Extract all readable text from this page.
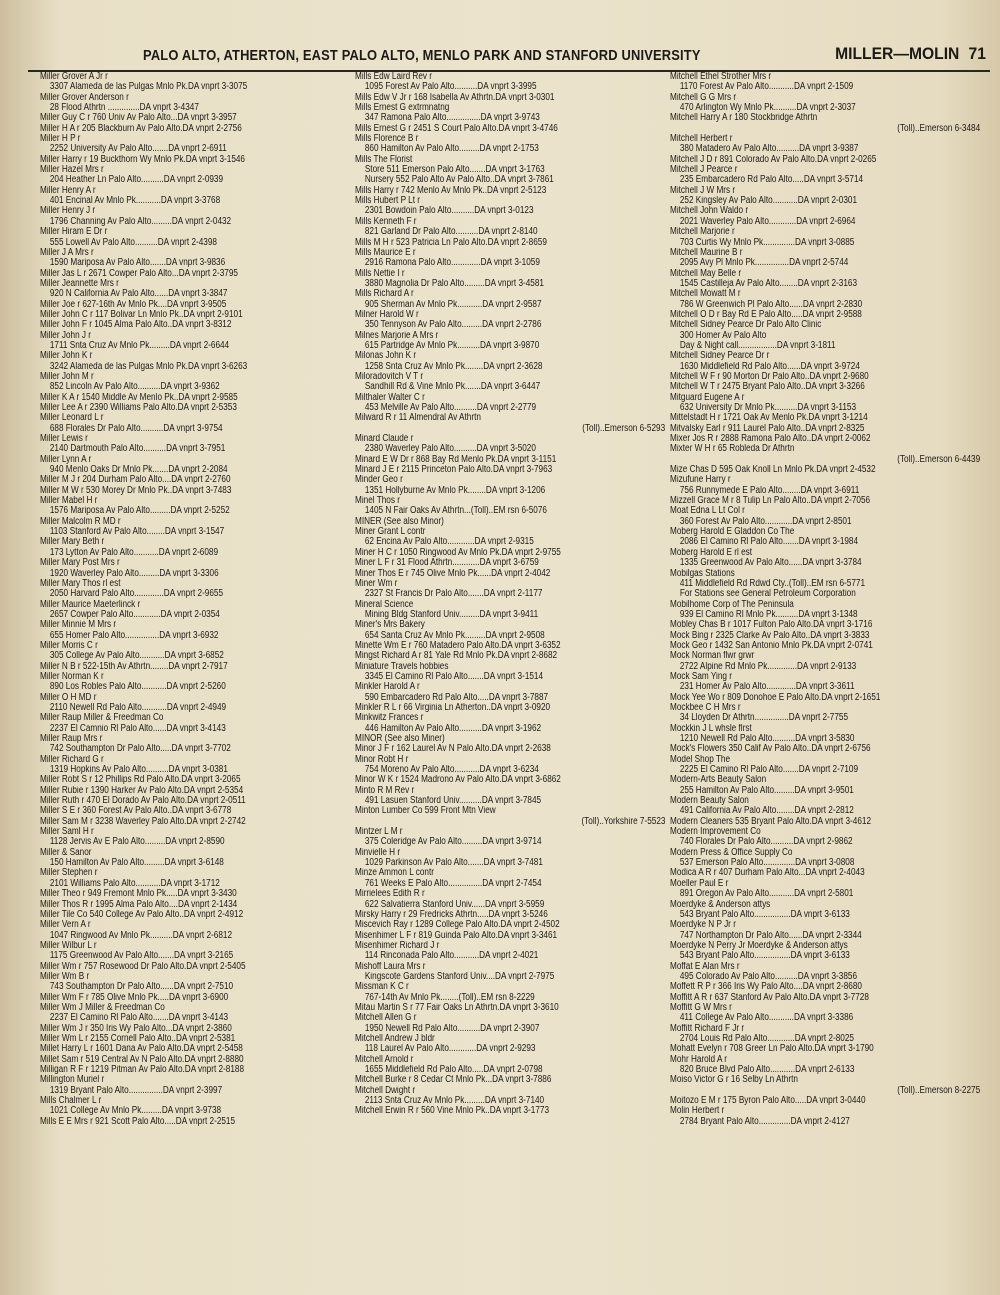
PALO ALTO, ATHERTON, EAST PALO ALTO, MENLO PARK AND STANFORD UNIVERSITY	MILLER—MOLIN 71
Miller Grover A Jr r
3307 Alameda de las Pulgas Mnlo Pk.DA vnprt 3-3075
Miller Grover Anderson r
28 Flood Athrtn ..............DA vnprt 3-4347
Miller Guy C r 760 Univ Av Palo Alto...DA vnprt 3-3957
Miller H A r 205 Blackburn Av Palo Alto.DA vnprt 2-2756
Miller H P r
2252 University Av Palo Alto.......DA vnprt 2-6911
Miller Harry r 19 Buckthorn Wy Mnlo Pk.DA vnprt 3-1546
Miller Hazel Mrs r
204 Heather Ln Palo Alto..........DA vnprt 2-0939
Miller Henry A r
401 Encinal Av Mnlo Pk...........DA vnprt 3-3768
Miller Henry J r
1796 Channing Av Palo Alto.........DA vnprt 2-0432
Miller Hiram E Dr r
555 Lowell Av Palo Alto..........DA vnprt 2-4398
Miller J A Mrs r
1590 Mariposa Av Palo Alto.......DA vnprt 3-9836
Miller Jas L r 2671 Cowper Palo Alto...DA vnprt 2-3795
Miller Jeannette Mrs r
920 N California Av Palo Alto......DA vnprt 3-3847
Miller Joe r 627-16th Av Mnlo Pk....DA vnprt 3-9505
Miller John C r 117 Bolivar Ln Mnlo Pk..DA vnprt 2-9101
Miller John F r 1045 Alma Palo Alto..DA vnprt 3-8312
Miller John J r
1711 Snta Cruz Av Mnlo Pk.........DA vnprt 2-6644
Miller John K r
3242 Alameda de las Pulgas Mnlo Pk.DA vnprt 3-6263
Miller John M r
852 Lincoln Av Palo Alto..........DA vnprt 3-9362
Miller K A r 1540 Middle Av Menlo Pk..DA vnprt 2-9585
Miller Lee A r 2390 Williams Palo Alto.DA vnprt 2-5353
Miller Leonard L r
688 Florales Dr Palo Alto..........DA vnprt 3-9754
Miller Lewis r
2140 Dartmouth Palo Alto..........DA vnprt 3-7951
Miller Lynn A r
940 Menlo Oaks Dr Mnlo Pk.......DA vnprt 2-2084
Miller M J r 204 Durham Palo Alto....DA vnprt 2-2760
Miller M W r 530 Morey Dr Mnlo Pk..DA vnprt 3-7483
Miller Mabel H r
1576 Mariposa Av Palo Alto.........DA vnprt 2-5252
Miller Malcolm R MD r
1103 Stanford Av Palo Alto........DA vnprt 3-1547
Miller Mary Beth r
173 Lytton Av Palo Alto...........DA vnprt 2-6089
Miller Mary Post Mrs r
1920 Waverley Palo Alto.........DA vnprt 3-3306
Miller Mary Thos rl est
2050 Harvard Palo Alto.............DA vnprt 2-9655
Miller Maurice Maeterlinck r
2657 Cowper Palo Alto............DA vnprt 2-0354
Miller Minnie M Mrs r
655 Homer Palo Alto...............DA vnprt 3-6932
Miller Morris C r
305 College Av Palo Alto...........DA vnprt 3-6852
Miller N B r 522-15th Av Athrtn........DA vnprt 2-7917
Miller Norman K r
890 Los Robles Palo Alto...........DA vnprt 2-5260
Miller O H MD r
2110 Newell Rd Palo Alto...........DA vnprt 2-4949
Miller Raup Miller & Freedman Co
2237 El Camnio Rl Palo Alto......DA vnprt 3-4143
Miller Raup Mrs r
742 Southampton Dr Palo Alto.....DA vnprt 3-7702
Miller Richard G r
1319 Hopkins Av Palo Alto..........DA vnprt 3-0381
Miller Robt S r 12 Phillips Rd Palo Alto.DA vnprt 3-2065
Miller Rubie r 1390 Harker Av Palo Alto.DA vnprt 2-5354
Miller Ruth r 470 El Dorado Av Palo Alto.DA vnprt 2-0511
Miller S E r 360 Forest Av Palo Alto..DA vnprt 3-6778
Miller Sam M r 3238 Waverley Palo Alto.DA vnprt 2-2742
Miller Saml H r
1128 Jervis Av E Palo Alto.........DA vnprt 2-8590
Miller & Sanor
150 Hamilton Av Palo Alto.........DA vnprt 3-6148
Miller Stephen r
2101 Williams Palo Alto...........DA vnprt 3-1712
Miller Theo r 949 Fremont Mnlo Pk.....DA vnprt 3-3430
Miller Thos R r 1995 Alma Palo Alto....DA vnprt 2-1434
Miller Tile Co 540 College Av Palo Alto..DA vnprt 2-4912
Miller Vern A r
1047 Ringwood Av Mnlo Pk..........DA vnprt 2-6812
Miller Wilbur L r
1175 Greenwood Av Palo Alto.......DA vnprt 3-2165
Miller Wm r 757 Rosewood Dr Palo Alto.DA vnprt 2-5405
Miller Wm B r
743 Southampton Dr Palo Alto......DA vnprt 2-7510
Miller Wm F r 785 Olive Mnlo Pk.....DA vnprt 3-6900
Miller Wm J Miller & Freedman Co
2237 El Camino Rl Palo Alto.......DA vnprt 3-4143
Miller Wm J r 350 Iris Wy Palo Alto...DA vnprt 2-3860
Miller Wm L r 2155 Cornell Palo Alto..DA vnprt 2-5381
Millet Harry L r 1601 Dana Av Palo Alto.DA vnprt 2-5458
Millet Sam r 519 Central Av N Palo Alto.DA vnprt 2-8880
Milligan R F r 1219 Pitman Av Palo Alto.DA vnprt 2-8188
Millington Muriel r
1319 Bryant Palo Alto...............DA vnprt 2-3997
Mills Chalmer L r
1021 College Av Mnlo Pk.........DA vnprt 3-9738
Mills E E Mrs r 921 Scott Palo Alto.....DA vnprt 2-2515
Mills Edw Laird Rev r
1095 Forest Av Palo Alto..........DA vnprt 3-3995
Mills Edw V Jr r 168 Isabella Av Athrtn.DA vnprt 3-0301
Mills Ernest G extrmnatng
347 Ramona Palo Alto...............DA vnprt 3-9743
Mills Ernest G r 2451 S Court Palo Alto.DA vnprt 3-4746
Mills Florence B r
860 Hamilton Av Palo Alto.........DA vnprt 2-1753
Mills The Florist
Store 511 Emerson Palo Alto.......DA vnprt 3-1763
Nursery 552 Palo Alto Av Palo Alto..DA vnprt 3-7861
Mills Harry r 742 Menlo Av Mnlo Pk..DA vnprt 2-5123
Mills Hubert P Lt r
2301 Bowdoin Palo Alto..........DA vnprt 3-0123
Mills Kenneth F r
821 Garland Dr Palo Alto..........DA vnprt 2-8140
Mills M H r 523 Patricia Ln Palo Alto.DA vnprt 2-8659
Mills Maurice E r
2916 Ramona Palo Alto.............DA vnprt 3-1059
Mills Nettie I r
3880 Magnolia Dr Palo Alto.........DA vnprt 3-4581
Mills Richard A r
905 Sherman Av Mnlo Pk...........DA vnprt 2-9587
Milner Harold W r
350 Tennyson Av Palo Alto.........DA vnprt 2-2786
Milnes Marjorie A Mrs r
615 Partridge Av Mnlo Pk..........DA vnprt 3-9870
Milonas John K r
1258 Snta Cruz Av Mnlo Pk........DA vnprt 2-3628
Miloradovitch V T r
Sandhill Rd & Vine Mnlo Pk.......DA vnprt 3-6447
Milthaler Walter C r
453 Melville Av Palo Alto..........DA vnprt 2-2779
Milward R r 11 Almendral Av Athrtn
(Toll)..Emerson 6-5293
Minard Claude r
2380 Waverley Palo Alto..........DA vnprt 3-5020
Minard E W Dr r 868 Bay Rd Menlo Pk.DA vnprt 3-1151
Minard J E r 2115 Princeton Palo Alto.DA vnprt 3-7963
Minder Geo r
1351 Hollyburne Av Mnlo Pk........DA vnprt 3-1206
Minel Thos r
1405 N Fair Oaks Av Athrtn...(Toll)..EM rsn 6-5076
MINER (See also Minor)
Miner Grant L contr
62 Encina Av Palo Alto............DA vnprt 2-9315
Miner H C r 1050 Ringwood Av Mnlo Pk.DA vnprt 2-9755
Miner L F r 31 Flood Athrtn............DA vnprt 3-6759
Miner Thos E r 745 Olive Mnlo Pk......DA vnprt 2-4042
Miner Wm r
2327 St Francis Dr Palo Alto.......DA vnprt 2-1177
Mineral Science
Mining Bldg Stanford Univ.........DA vnprt 3-9411
Miner's Mrs Bakery
654 Santa Cruz Av Mnlo Pk.........DA vnprt 2-9508
Minette Wm E r 760 Matadero Palo Alto.DA vnprt 3-6352
Mingst Richard A r 81 Yale Rd Mnlo Pk.DA vnprt 2-8682
Miniature Travels hobbies
3345 El Camino Rl Palo Alto.......DA vnprt 3-1514
Minkler Harold A r
590 Embarcadero Rd Palo Alto.....DA vnprt 3-7887
Minkler R L r 66 Virginia Ln Atherton..DA vnprt 3-0920
Minkwitz Frances r
446 Hamilton Av Palo Alto..........DA vnprt 3-1962
MINOR (See also Miner)
Minor J F r 162 Laurel Av N Palo Alto.DA vnprt 2-2638
Minor Robt H r
754 Moreno Av Palo Alto...........DA vnprt 3-6234
Minor W K r 1524 Madrono Av Palo Alto.DA vnprt 3-6862
Minto R M Rev r
491 Lasuen Stanford Univ..........DA vnprt 3-7845
Minton Lumber Co 599 Front Mtn View
(Toll)..Yorkshire 7-5523
Mintzer L M r
375 Coleridge Av Palo Alto.........DA vnprt 3-9714
Minvielle H r
1029 Parkinson Av Palo Alto.......DA vnprt 3-7481
Minze Ammon L contr
761 Weeks E Palo Alto...............DA vnprt 2-7454
Mirrielees Edith R r
622 Salvatierra Stanford Univ......DA vnprt 3-5959
Mirsky Harry r 29 Fredricks Athrtn.....DA vnprt 3-5246
Miscevich Ray r 1289 College Palo Alto.DA vnprt 2-4502
Misenhimer L F r 819 Guinda Palo Alto.DA vnprt 3-3461
Misenhimer Richard J r
114 Rinconada Palo Alto...........DA vnprt 2-4021
Mishoff Laura Mrs r
Kingscote Gardens Stanford Univ....DA vnprt 2-7975
Missman K C r
767-14th Av Mnlo Pk........(Toll)..EM rsn 8-2229
Mitau Martin S r 77 Fair Oaks Ln Athrtn.DA vnprt 3-3610
Mitchell Allen G r
1950 Newell Rd Palo Alto..........DA vnprt 2-3907
Mitchell Andrew J bldr
118 Laurel Av Palo Alto............DA vnprt 2-9293
Mitchell Arnold r
1655 Middlefield Rd Palo Alto.....DA vnprt 2-0798
Mitchell Burke r 8 Cedar Ct Mnlo Pk...DA vnprt 3-7886
Mitchell Dwight r
2113 Snta Cruz Av Mnlo Pk.........DA vnprt 3-7140
Mitchell Erwin R r 560 Vine Mnlo Pk..DA vnprt 3-1773
Mitchell Ethel Strother Mrs r
1170 Forest Av Palo Alto...........DA vnprt 2-1509
Mitchell G G Mrs r
470 Arlington Wy Mnlo Pk..........DA vnprt 2-3037
Mitchell Harry A r 180 Stockbridge Athrtn
(Toll)..Emerson 6-3484
Mitchell Herbert r
380 Matadero Av Palo Alto..........DA vnprt 3-9387
Mitchell J D r 891 Colorado Av Palo Alto.DA vnprt 2-0265
Mitchell J Pearce r
235 Embarcadero Rd Palo Alto.....DA vnprt 3-5714
Mitchell J W Mrs r
252 Kingsley Av Palo Alto...........DA vnprt 2-0301
Mitchell John Waldo r
2021 Waverley Palo Alto............DA vnprt 2-6964
Mitchell Marjorie r
703 Curtis Wy Mnlo Pk..............DA vnprt 3-0885
Mitchell Maurine B r
2095 Avy Pl Mnlo Pk...............DA vnprt 2-5744
Mitchell May Belle r
1545 Castilleja Av Palo Alto........DA vnprt 2-3163
Mitchell Mowatt M r
786 W Greenwich Pl Palo Alto......DA vnprt 2-2830
Mitchell O D r Bay Rd E Palo Alto.....DA vnprt 2-9588
Mitchell Sidney Pearce Dr Palo Alto Clinic
300 Homer Av Palo Alto
Day & Night call.................DA vnprt 3-1811
Mitchell Sidney Pearce Dr r
1630 Middlefield Rd Palo Alto......DA vnprt 3-9724
Mitchell W F r 90 Morton Dr Palo Alto..DA vnprt 2-9680
Mitchell W T r 2475 Bryant Palo Alto..DA vnprt 3-3266
Mitguard Eugene A r
632 University Dr Mnlo Pk..........DA vnprt 3-1153
Mittelstadt H r 1721 Oak Av Menlo Pk.DA vnprt 3-1214
Mitvalsky Earl r 911 Laurel Palo Alto..DA vnprt 2-8325
Mixer Jos R r 2888 Ramona Palo Alto..DA vnprt 2-0062
Mixter W H r 65 Robleda Dr Athrtn
(Toll)..Emerson 6-4439
Mize Chas D 595 Oak Knoll Ln Mnlo Pk.DA vnprt 2-4532
Mizufune Harry r
756 Runnymede E Palo Alto........DA vnprt 3-6911
Mizzell Grace M r 8 Tulip Ln Palo Alto..DA vnprt 2-7056
Moat Edna L Lt Col r
360 Forest Av Palo Alto............DA vnprt 2-8501
Moberg Harold E Gladdon Co The
2086 El Camino Rl Palo Alto.......DA vnprt 3-1984
Moberg Harold E rl est
1335 Greenwood Av Palo Alto......DA vnprt 3-3784
Mobilgas Stations
411 Middlefield Rd Rdwd Cty..(Toll)..EM rsn 6-5771
For Stations see General Petroleum Corporation
Mobilhome Corp of The Peninsula
939 El Camino Rl Mnlo Pk..........DA vnprt 3-1348
Mobley Chas B r 1017 Fulton Palo Alto.DA vnprt 3-1716
Mock Bing r 2325 Clarke Av Palo Alto..DA vnprt 3-3833
Mock Geo r 1432 San Antonio Mnlo Pk.DA vnprt 2-0741
Mock Norman flwr grwr
2722 Alpine Rd Mnlo Pk.............DA vnprt 2-9133
Mock Sam Ying r
231 Homer Av Palo Alto.............DA vnprt 3-3611
Mock Yee Wo r 809 Donohoe E Palo Alto.DA vnprt 2-1651
Mockbee C H Mrs r
34 Lloyden Dr Athrtn...............DA vnprt 2-7755
Mockkin J L whsle flrst
1210 Newell Rd Palo Alto..........DA vnprt 3-5830
Mock's Flowers 350 Calif Av Palo Alto..DA vnprt 2-6756
Model Shop The
2225 El Camino Rl Palo Alto.......DA vnprt 2-7109
Modern-Arts Beauty Salon
255 Hamilton Av Palo Alto.........DA vnprt 3-9501
Modern Beauty Salon
491 California Av Palo Alto........DA vnprt 2-2812
Modern Cleaners 535 Bryant Palo Alto.DA vnprt 3-4612
Modern Improvement Co
740 Florales Dr Palo Alto..........DA vnprt 2-9862
Modern Press & Office Supply Co
537 Emerson Palo Alto..............DA vnprt 3-0808
Modica A R r 407 Durham Palo Alto...DA vnprt 2-4043
Moeller Paul E r
891 Oregon Av Palo Alto...........DA vnprt 2-5801
Moerdyke & Anderson attys
543 Bryant Palo Alto................DA vnprt 3-6133
Moerdyke N P Jr r
747 Northampton Dr Palo Alto......DA vnprt 2-3344
Moerdyke N Perry Jr Moerdyke & Anderson attys
543 Bryant Palo Alto................DA vnprt 3-6133
Moffat E Alan Mrs r
495 Colorado Av Palo Alto..........DA vnprt 3-3856
Moffett R P r 366 Iris Wy Palo Alto....DA vnprt 2-8680
Moffitt A R r 637 Stanford Av Palo Alto.DA vnprt 3-7728
Moffitt G W Mrs r
411 College Av Palo Alto...........DA vnprt 3-3386
Moffitt Richard F Jr r
2704 Louis Rd Palo Alto............DA vnprt 2-8025
Mohatt Evelyn r 708 Greer Ln Palo Alto.DA vnprt 3-1790
Mohr Harold A r
820 Bruce Blvd Palo Alto...........DA vnprt 2-6133
Moiso Victor G r 16 Selby Ln Athrtn
(Toll)..Emerson 8-2275
Moitozo E M r 175 Byron Palo Alto.....DA vnprt 3-0440
Molin Herbert r
2784 Bryant Palo Alto..............DA vnprt 2-4127
